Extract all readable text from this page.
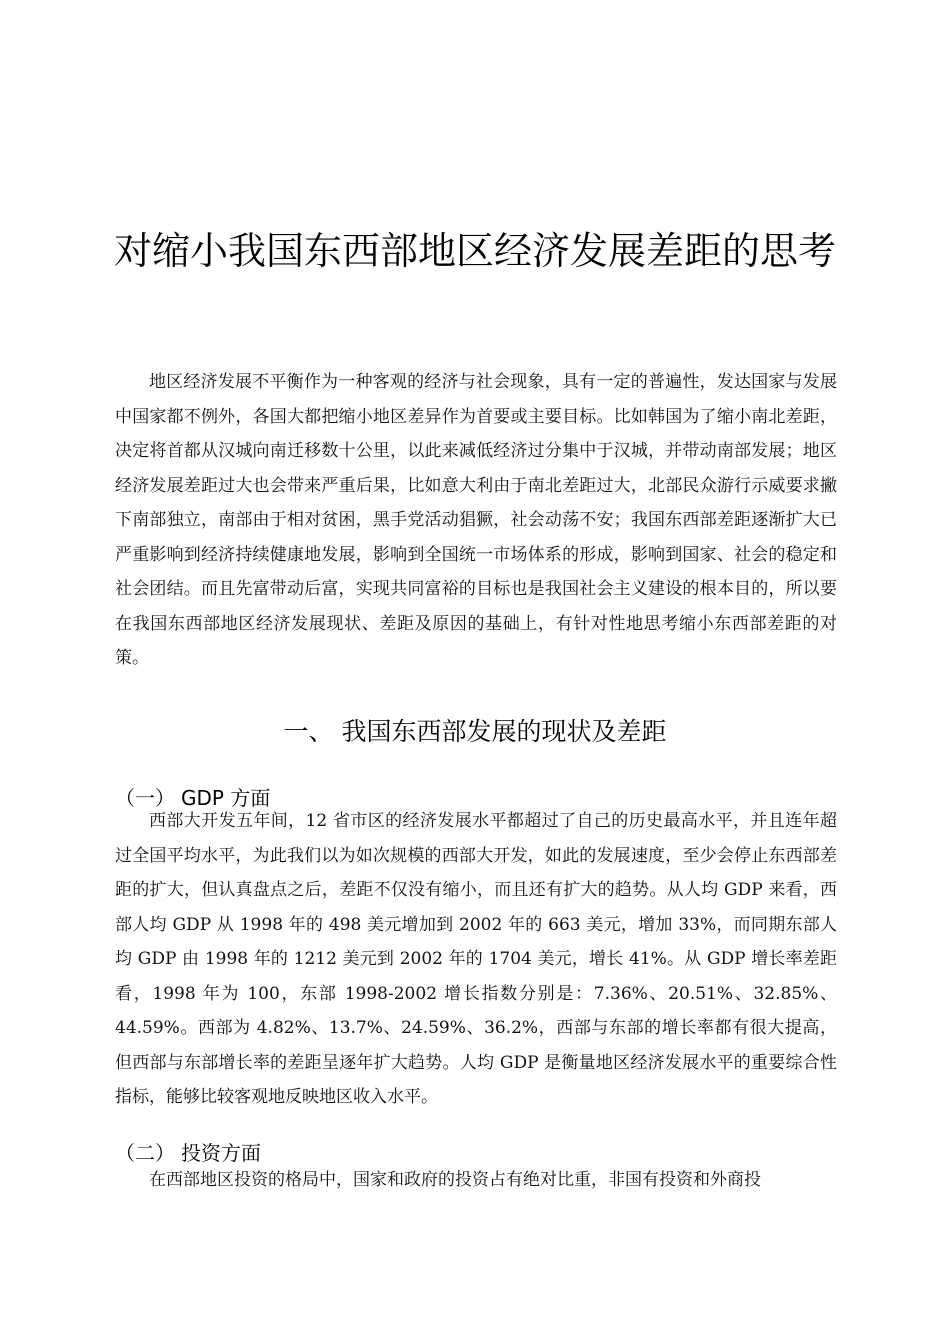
对缩小我国东西部地区经济发展差距的思考

地区经济发展不平衡作为一种客观的经济与社会现象，具有一定的普遍性，发达国家与发展中国家都不例外，各国大都把缩小地区差异作为首要或主要目标。比如韩国为了缩小南北差距，决定将首都从汉城向南迁移数十公里，以此来减低经济过分集中于汉城，并带动南部发展；地区经济发展差距过大也会带来严重后果，比如意大利由于南北差距过大，北部民众游行示威要求撇下南部独立，南部由于相对贫困，黑手党活动猖獗，社会动荡不安；我国东西部差距逐渐扩大已严重影响到经济持续健康地发展，影响到全国统一市场体系的形成，影响到国家、社会的稳定和社会团结。而且先富带动后富，实现共同富裕的目标也是我国社会主义建设的根本目的，所以要在我国东西部地区经济发展现状、差距及原因的基础上，有针对性地思考缩小东西部差距的对策。

一、 我国东西部发展的现状及差距
（一） GDP 方面

西部大开发五年间，12 省市区的经济发展水平都超过了自己的历史最高水平，并且连年超过全国平均水平，为此我们以为如次规模的西部大开发，如此的发展速度，至少会停止东西部差距的扩大，但认真盘点之后，差距不仅没有缩小，而且还有扩大的趋势。从人均 GDP 来看，西部人均 GDP 从 1998 年的 498 美元增加到 2002 年的 663 美元，增加 33%，而同期东部人均 GDP 由 1998 年的 1212 美元到 2002 年的 1704 美元，增长 41%。从 GDP 增长率差距看，1998 年为 100，东部 1998-2002 增长指数分别是：7.36%、20.51%、32.85%、44.59%。西部为 4.82%、13.7%、24.59%、36.2%，西部与东部的增长率都有很大提高，但西部与东部增长率的差距呈逐年扩大趋势。人均 GDP 是衡量地区经济发展水平的重要综合性指标，能够比较客观地反映地区收入水平。

（二） 投资方面

在西部地区投资的格局中，国家和政府的投资占有绝对比重，非国有投资和外商投
